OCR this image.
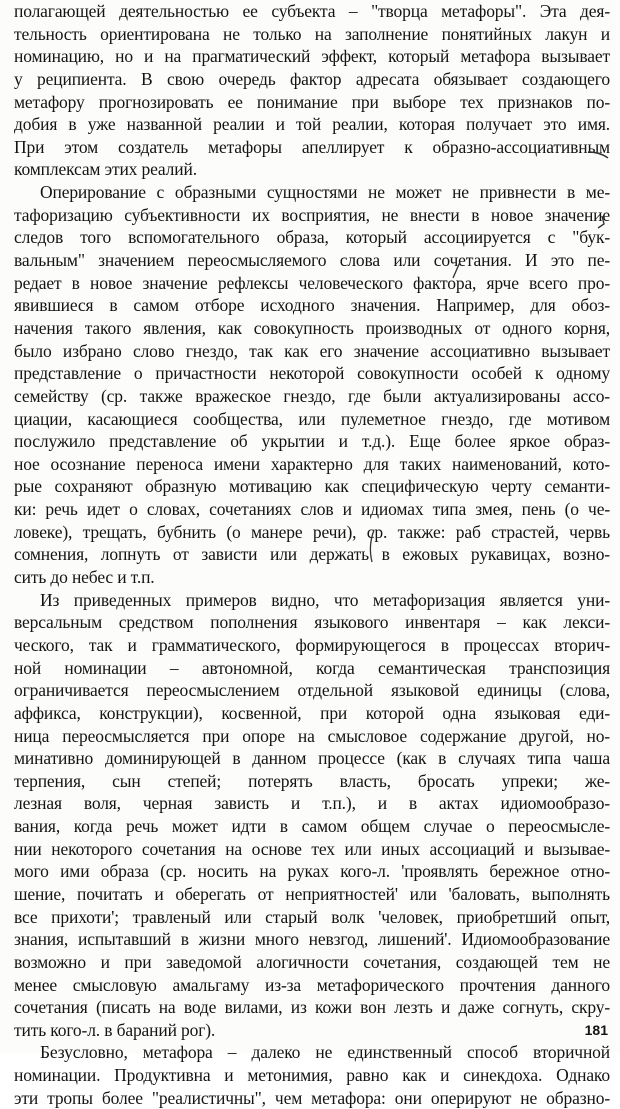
полагающей деятельностью ее субъекта – "творца метафоры". Эта дея-
тельность ориентирована не только на заполнение понятийных лакун и
номинацию, но и на прагматический эффект, который метафора вызывает
у реципиента. В свою очередь фактор адресата обязывает создающего
метафору прогнозировать ее понимание при выборе тех признаков по-
добия в уже названной реалии и той реалии, которая получает это имя.
При этом создатель метафоры апеллирует к образно-ассоциативным
комплексам этих реалий.
Оперирование с образными сущностями не может не привнести в ме-
тафоризацию субъективности их восприятия, не внести в новое значение
следов того вспомогательного образа, который ассоциируется с "бук-
вальным" значением переосмысляемого слова или сочетания. И это пе-
редает в новое значение рефлексы человеческого фактора, ярче всего про-
явившиеся в самом отборе исходного значения. Например, для обоз-
начения такого явления, как совокупность производных от одного корня,
было избрано слово гнездо, так как его значение ассоциативно вызывает
представление о причастности некоторой совокупности особей к одному
семейству (ср. также вражеское гнездо, где были актуализированы ассо-
циации, касающиеся сообщества, или пулеметное гнездо, где мотивом
послужило представление об укрытии и т.д.). Еще более яркое образ-
ное осознание переноса имени характерно для таких наименований, кото-
рые сохраняют образную мотивацию как специфическую черту семанти-
ки: речь идет о словах, сочетаниях слов и идиомах типа змея, пень (о че-
ловеке), трещать, бубнить (о манере речи), ср. также: раб страстей, червь
сомнения, лопнуть от зависти или держать в ежовых рукавицах, возно-
сить до небес и т.п.
Из приведенных примеров видно, что метафоризация является уни-
версальным средством пополнения языкового инвентаря – как лекси-
ческого, так и грамматического, формирующегося в процессах вторич-
ной номинации – автономной, когда семантическая транспозиция
ограничивается переосмыслением отдельной языковой единицы (слова,
аффикса, конструкции), косвенной, при которой одна языковая еди-
ница переосмысляется при опоре на смысловое содержание другой, но-
минативно доминирующей в данном процессе (как в случаях типа чаша
терпения, сын степей; потерять власть, бросать упреки; же-
лезная воля, черная зависть и т.п.), и в актах идиомообразо-
вания, когда речь может идти в самом общем случае о переосмысле-
нии некоторого сочетания на основе тех или иных ассоциаций и вызывае-
мого ими образа (ср. носить на руках кого-л. 'проявлять бережное отно-
шение, почитать и оберегать от неприятностей' или 'баловать, выполнять
все прихоти'; травленый или старый волк 'человек, приобретший опыт,
знания, испытавший в жизни много невзгод, лишений'. Идиомообразование
возможно и при заведомой алогичности сочетания, создающей тем не
менее смысловую амальгаму из-за метафорического прочтения данного
сочетания (писать на воде вилами, из кожи вон лезть и даже согнуть, скру-
тить кого-л. в бараний рог).
Безусловно, метафора – далеко не единственный способ вторичной
номинации. Продуктивна и метонимия, равно как и синекдоха. Однако
эти тропы более "реалистичны", чем метафора: они оперируют не образно-
181
